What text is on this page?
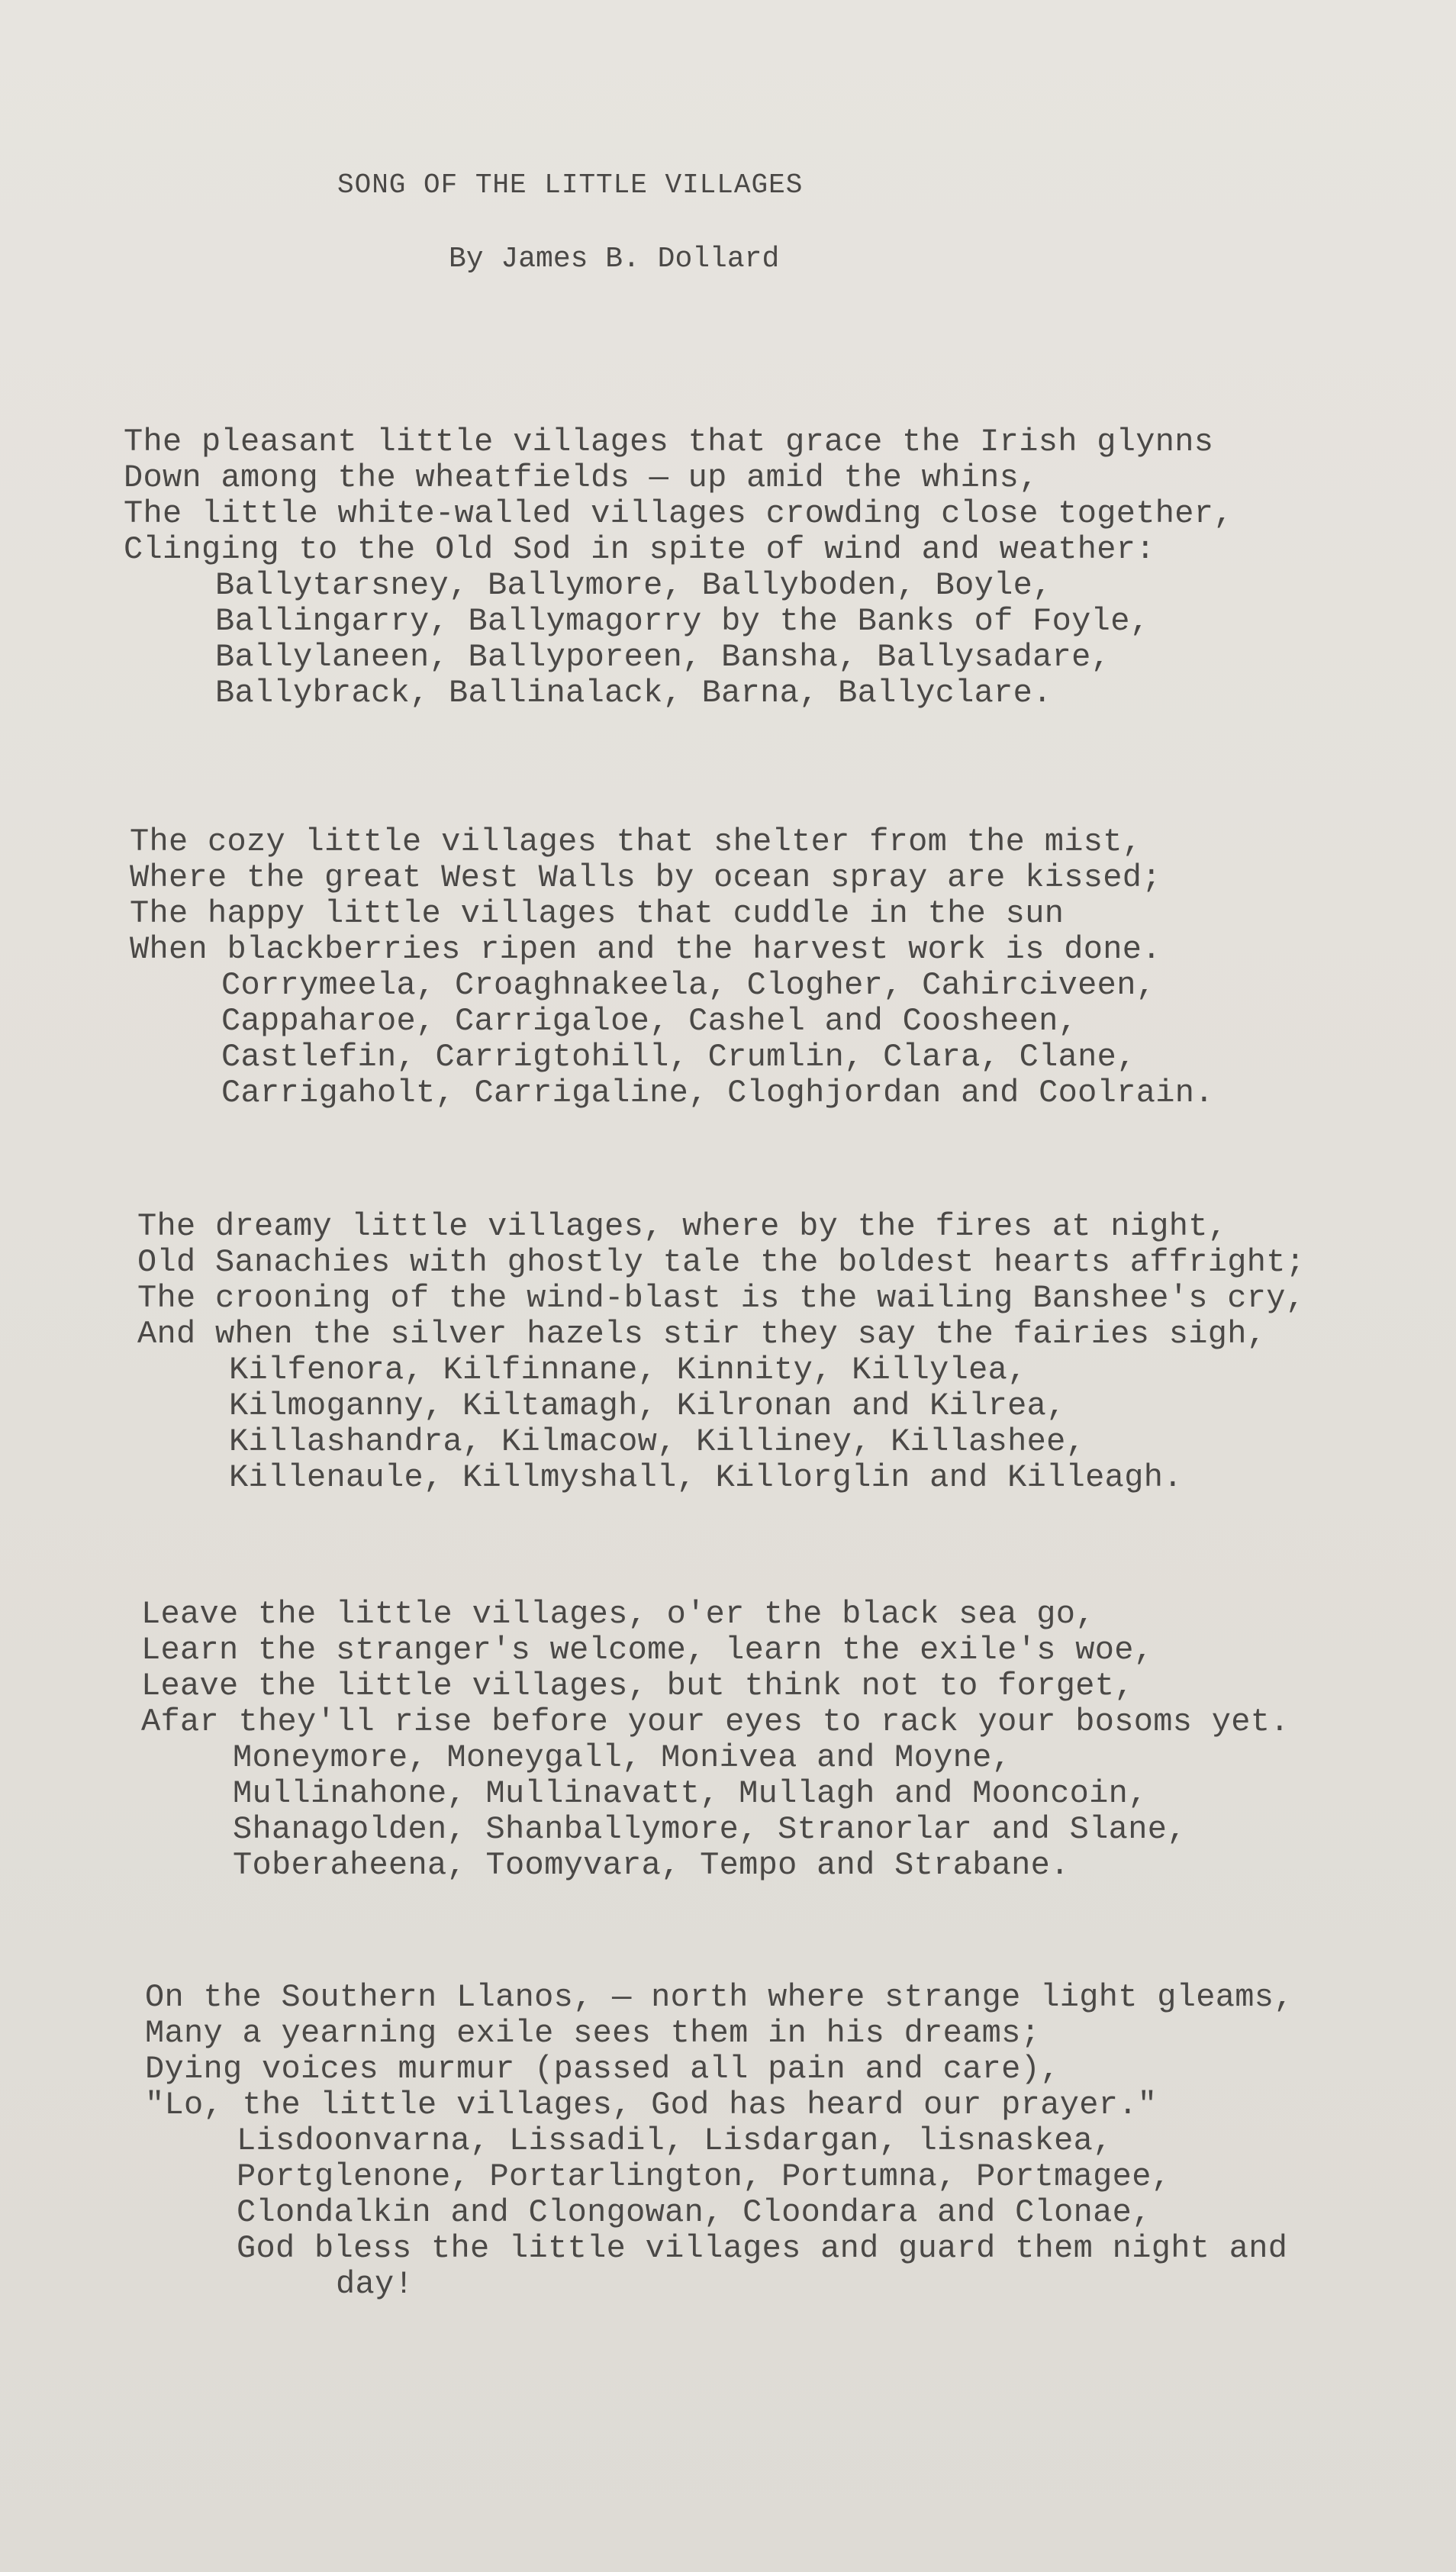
SONG OF THE LITTLE VILLAGES

By James B. Dollard

The pleasant little villages that grace the Irish glynns
Down among the wheatfields — up amid the whins,
The little white-walled villages crowding close together,
Clinging to the Old Sod in spite of wind and weather:
Ballytarsney, Ballymore, Ballyboden, Boyle,
Ballingarry, Ballymagorry by the Banks of Foyle,
Ballylaneen, Ballyporeen, Bansha, Ballysadare,
Ballybrack, Ballinalack, Barna, Ballyclare.
The cozy little villages that shelter from the mist,
Where the great West Walls by ocean spray are kissed;
The happy little villages that cuddle in the sun
When blackberries ripen and the harvest work is done.
Corrymeela, Croaghnakeela, Clogher, Cahirciveen,
Cappaharoe, Carrigaloe, Cashel and Coosheen,
Castlefin, Carrigtohill, Crumlin, Clara, Clane,
Carrigaholt, Carrigaline, Cloghjordan and Coolrain.
The dreamy little villages, where by the fires at night,
Old Sanachies with ghostly tale the boldest hearts affright;
The crooning of the wind-blast is the wailing Banshee's cry,
And when the silver hazels stir they say the fairies sigh,
Kilfenora, Kilfinnane, Kinnity, Killylea,
Kilmoganny, Kiltamagh, Kilronan and Kilrea,
Killashandra, Kilmacow, Killiney, Killashee,
Killenaule, Killmyshall, Killorglin and Killeagh.
Leave the little villages, o'er the black sea go,
Learn the stranger's welcome, learn the exile's woe,
Leave the little villages, but think not to forget,
Afar they'll rise before your eyes to rack your bosoms yet.
Moneymore, Moneygall, Monivea and Moyne,
Mullinahone, Mullinavatt, Mullagh and Mooncoin,
Shanagolden, Shanballymore, Stranorlar and Slane,
Toberaheena, Toomyvara, Tempo and Strabane.
On the Southern Llanos, — north where strange light gleams,
Many a yearning exile sees them in his dreams;
Dying voices murmur (passed all pain and care),
"Lo, the little villages, God has heard our prayer."
Lisdoonvarna, Lissadil, Lisdargan, lisnaskea,
Portglenone, Portarlington, Portumna, Portmagee,
Clondalkin and Clongowan, Cloondara and Clonae,
God bless the little villages and guard them night and
day!
